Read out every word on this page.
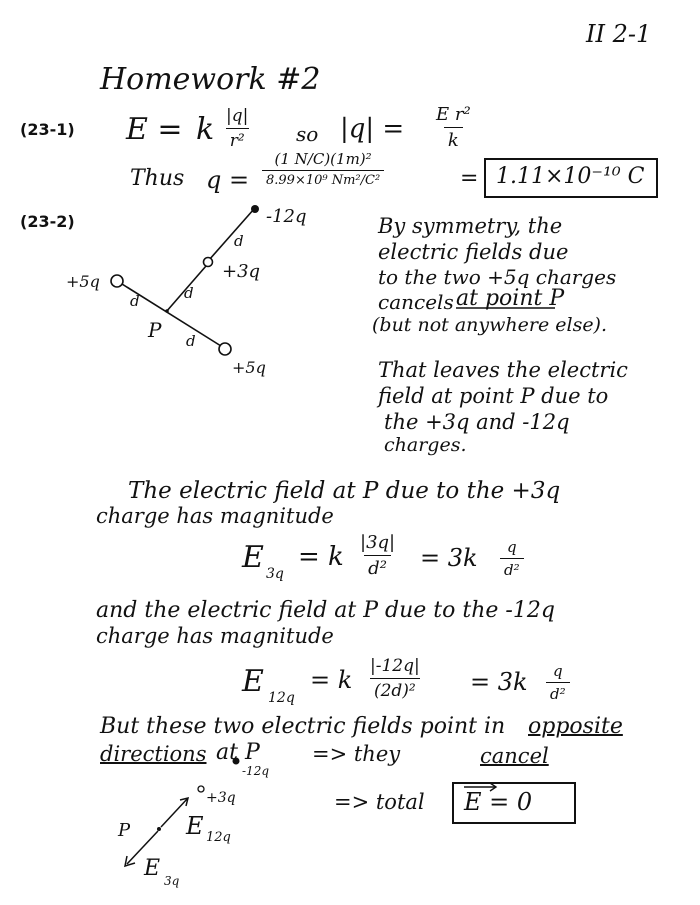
II 2-1
Homework #2
(23-1)
(23-2)
E = k $\frac{|q|}{\text{r²}}$ so $|q| = \frac{\text{E r²}}{k}$
Thus $q = \frac{\text{(1 N/C)(1m)²}}{\text{8.99×10⁹ Nm²/C²}}$	= 1.11×10⁻¹⁰ C
-12q
+3q
+5q
+5q
P
d
d
d
d
By symmetry, the
electric fields due
to the two +5q charges
cancels at point P
(but not anywhere else).
That leaves the electric
field at point P due to
the +3q and -12q
charges.
The electric field at P due to the +3q
charge has magnitude
E 3q
= k $\frac{|3q|}{\text{d²}} = 3k \frac{q}{\text{d²}}$
and the electric field at P due to the -12q
charge has magnitude
E 12q
= k $\frac{|-12q|}{\text{(2d)²}} = 3k \frac{q}{\text{d²}}$
But these two electric fields point in opposite
directions at P => they	cancel
-12q
=> total E = 0
+3q
P E 12q
E 3q
